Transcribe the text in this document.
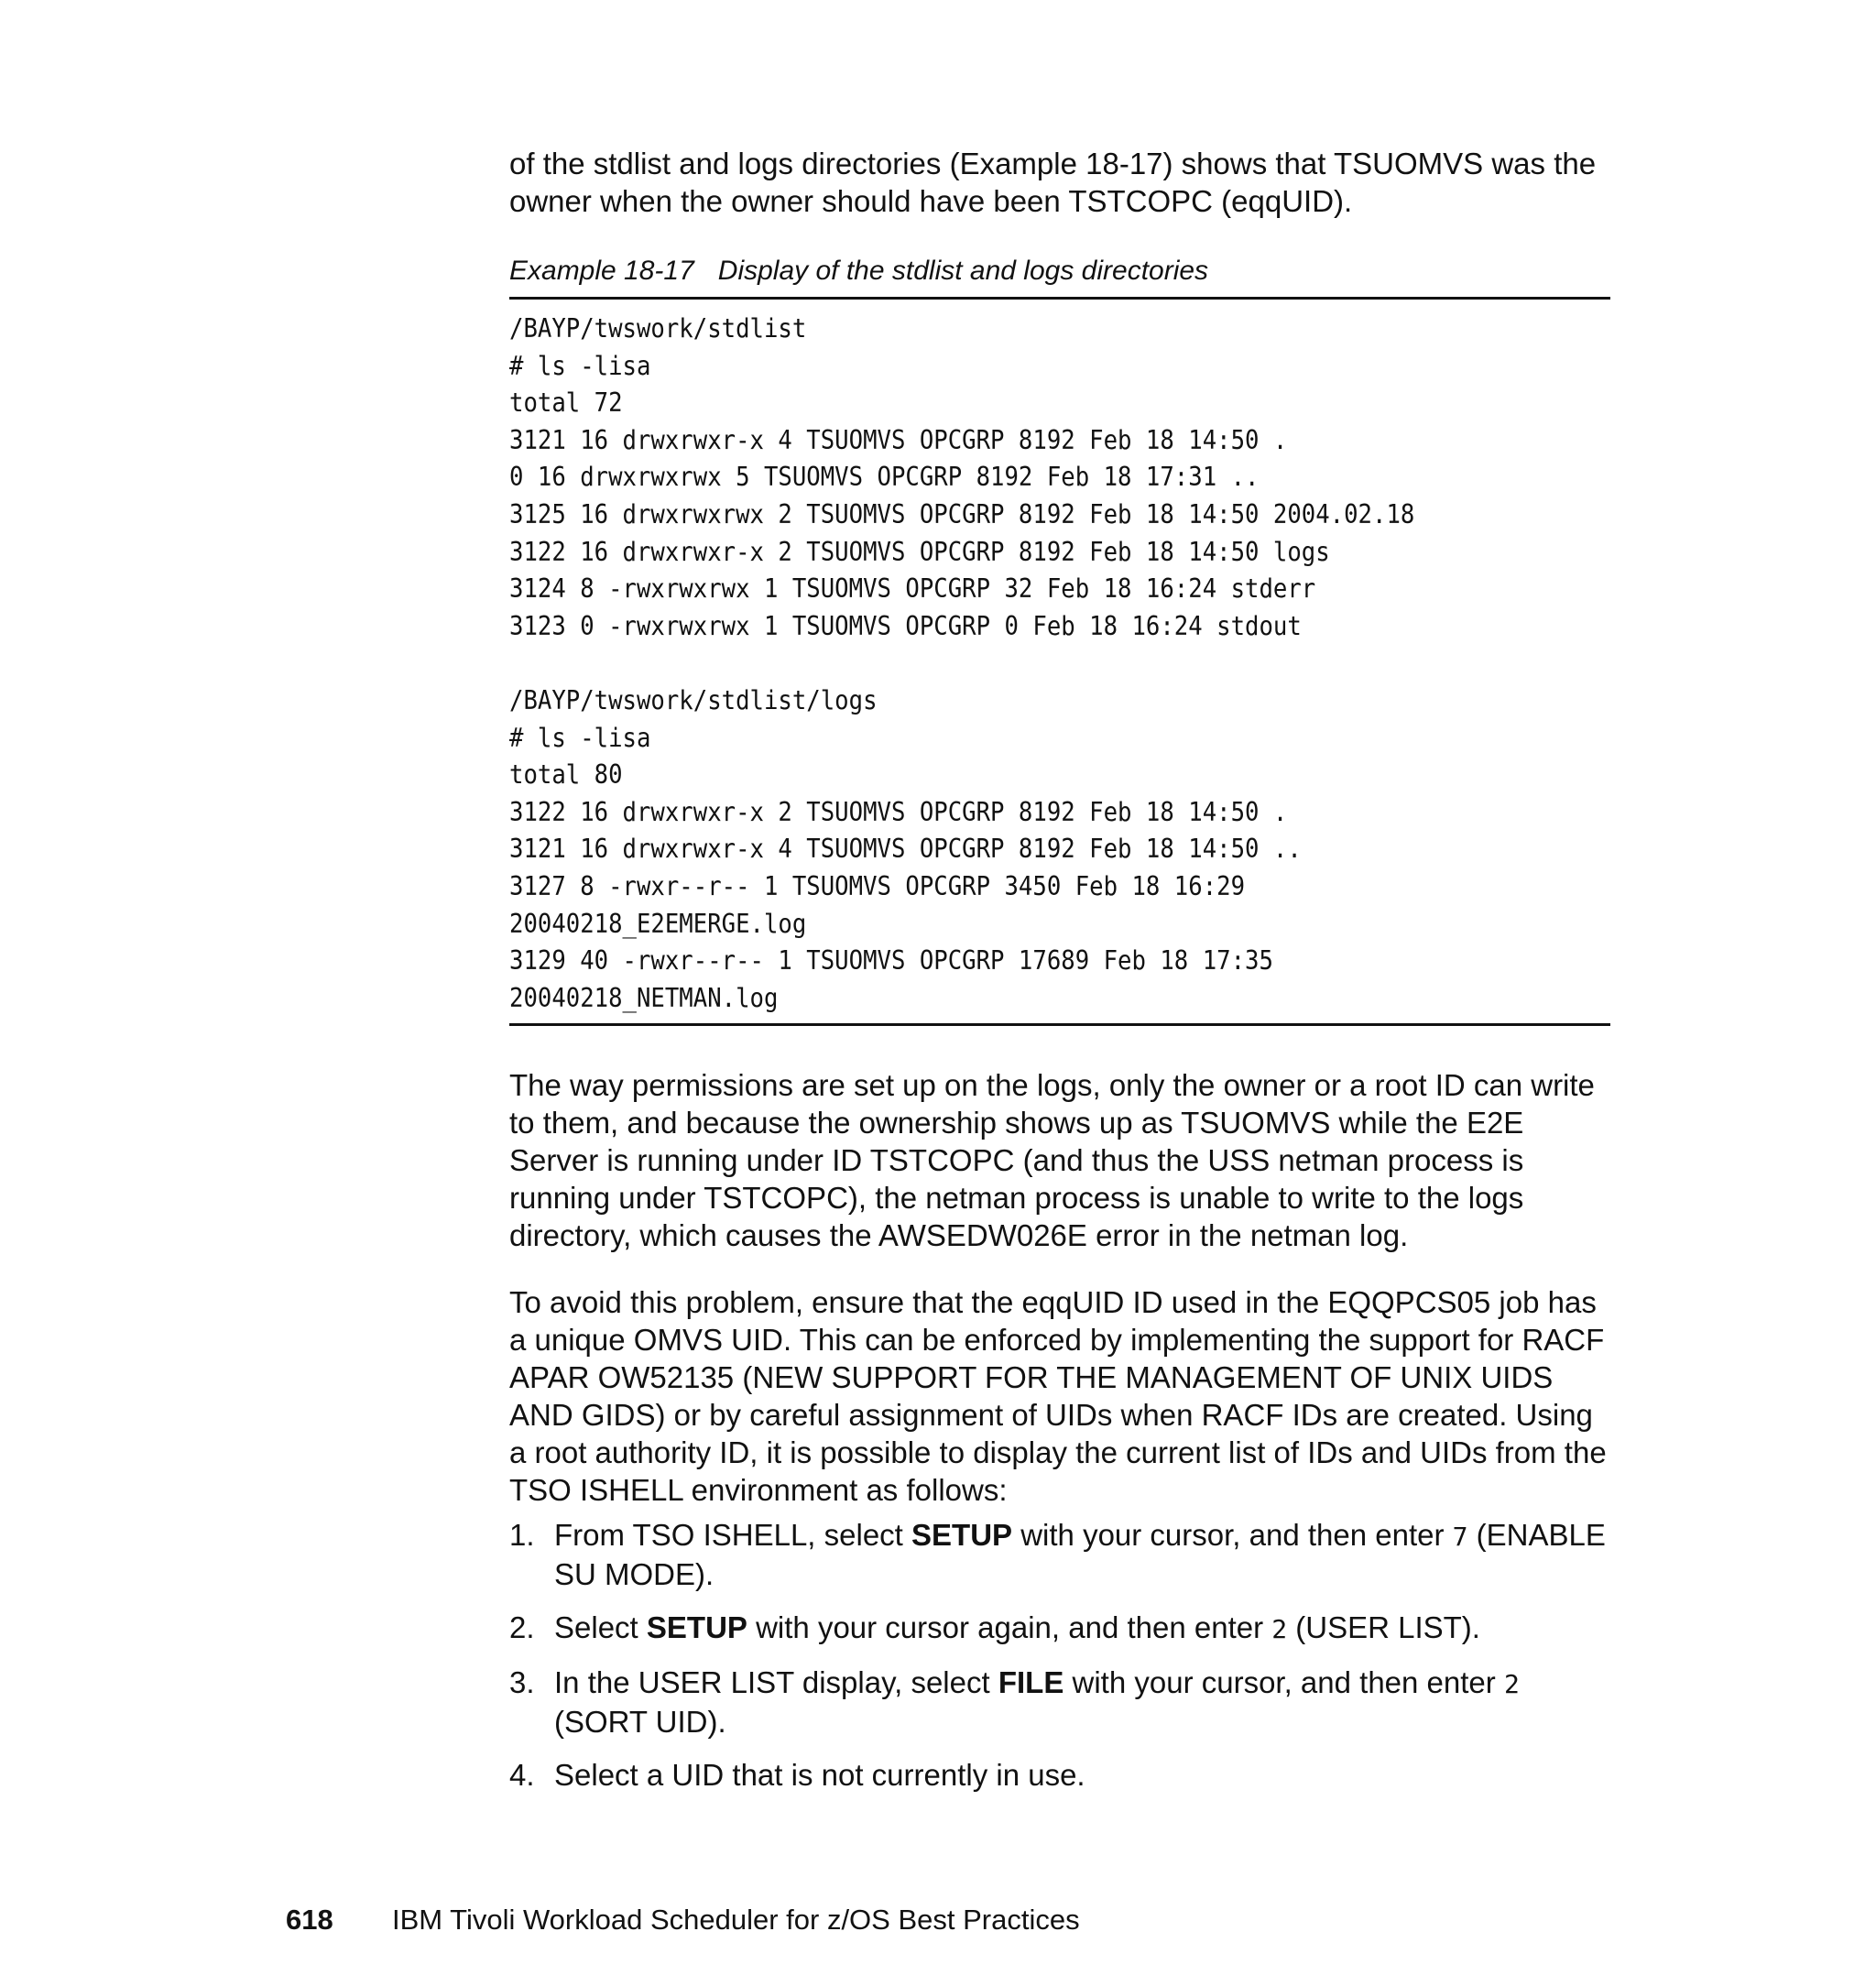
of the stdlist and logs directories (Example 18-17) shows that TSUOMVS was the owner when the owner should have been TSTCOPC (eqqUID).

Example 18-17 Display of the stdlist and logs directories

/BAYP/twswork/stdlist
# ls -lisa
total 72
3121 16 drwxrwxr-x 4 TSUOMVS OPCGRP 8192 Feb 18 14:50 .
0 16 drwxrwxrwx 5 TSUOMVS OPCGRP 8192 Feb 18 17:31 ..
3125 16 drwxrwxrwx 2 TSUOMVS OPCGRP 8192 Feb 18 14:50 2004.02.18
3122 16 drwxrwxr-x 2 TSUOMVS OPCGRP 8192 Feb 18 14:50 logs
3124 8 -rwxrwxrwx 1 TSUOMVS OPCGRP 32 Feb 18 16:24 stderr
3123 0 -rwxrwxrwx 1 TSUOMVS OPCGRP 0 Feb 18 16:24 stdout

/BAYP/twswork/stdlist/logs
# ls -lisa
total 80
3122 16 drwxrwxr-x 2 TSUOMVS OPCGRP 8192 Feb 18 14:50 .
3121 16 drwxrwxr-x 4 TSUOMVS OPCGRP 8192 Feb 18 14:50 ..
3127 8 -rwxr--r-- 1 TSUOMVS OPCGRP 3450 Feb 18 16:29
20040218_E2EMERGE.log
3129 40 -rwxr--r-- 1 TSUOMVS OPCGRP 17689 Feb 18 17:35
20040218_NETMAN.log

The way permissions are set up on the logs, only the owner or a root ID can write to them, and because the ownership shows up as TSUOMVS while the E2E Server is running under ID TSTCOPC (and thus the USS netman process is running under TSTCOPC), the netman process is unable to write to the logs directory, which causes the AWSEDW026E error in the netman log.

To avoid this problem, ensure that the eqqUID ID used in the EQQPCS05 job has a unique OMVS UID. This can be enforced by implementing the support for RACF APAR OW52135 (NEW SUPPORT FOR THE MANAGEMENT OF UNIX UIDS AND GIDS) or by careful assignment of UIDs when RACF IDs are created. Using a root authority ID, it is possible to display the current list of IDs and UIDs from the TSO ISHELL environment as follows:

1. From TSO ISHELL, select SETUP with your cursor, and then enter 7 (ENABLE SU MODE).
2. Select SETUP with your cursor again, and then enter 2 (USER LIST).
3. In the USER LIST display, select FILE with your cursor, and then enter 2 (SORT UID).
4. Select a UID that is not currently in use.
618	IBM Tivoli Workload Scheduler for z/OS Best Practices
